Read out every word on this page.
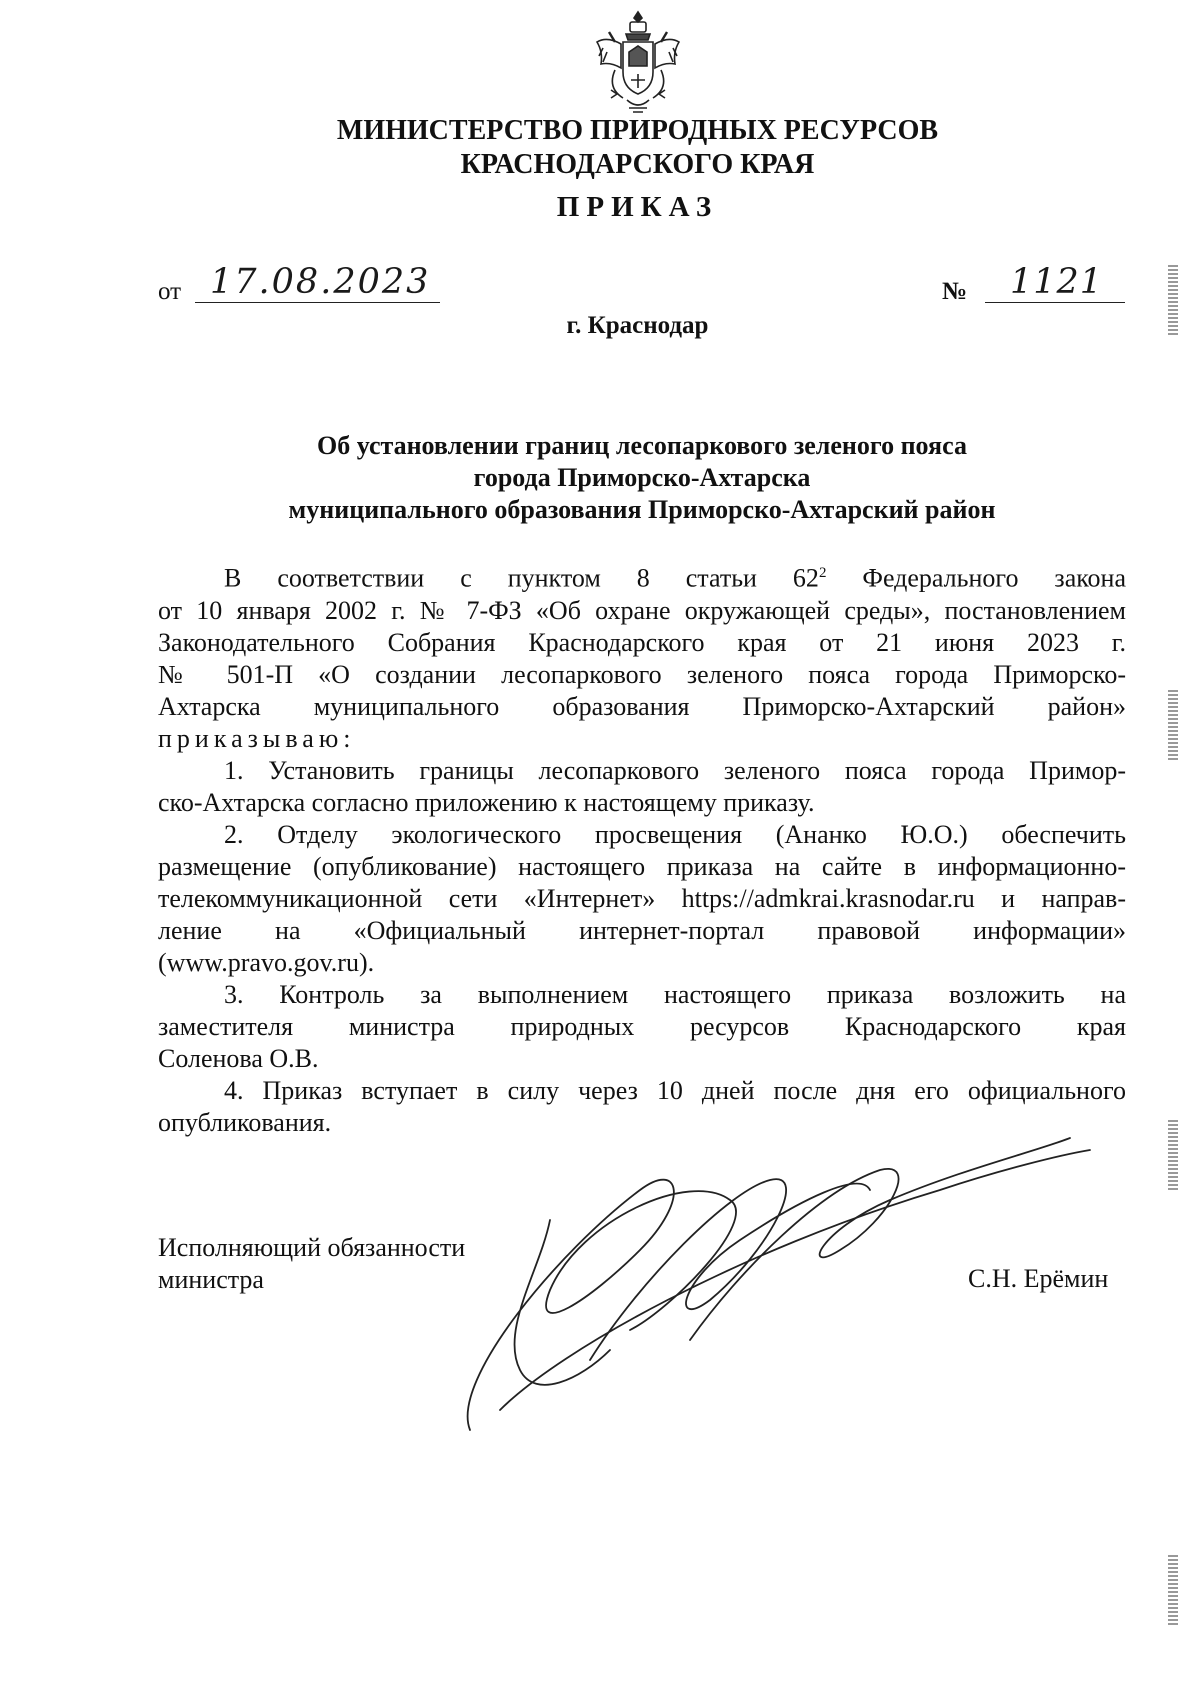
МИНИСТЕРСТВО ПРИРОДНЫХ РЕСУРСОВ
КРАСНОДАРСКОГО КРАЯ
ПРИКАЗ
от 17.08.2023	№ 1121
г. Краснодар
Об установлении границ лесопаркового зеленого пояса
города Приморско-Ахтарска
муниципального образования Приморско-Ахтарский район
В соответствии с пунктом 8 статьи $62^2$ Федерального закона
от 10 января 2002 г. № 7-ФЗ «Об охране окружающей среды», постановлением
Законодательного Собрания Краснодарского края от 21 июня 2023 г.
№ 501-П «О создании лесопаркового зеленого пояса города Приморско-
Ахтарска муниципального образования Приморско-Ахтарский район»
приказываю:
1. Установить границы лесопаркового зеленого пояса города Примор-
ско-Ахтарска согласно приложению к настоящему приказу.
2. Отделу экологического просвещения (Ананко Ю.О.) обеспечить
размещение (опубликование) настоящего приказа на сайте в информационно-
телекоммуникационной сети «Интернет» https://admkrai.krasnodar.ru и направ-
ление на «Официальный интернет-портал правовой информации»
(www.pravo.gov.ru).
3. Контроль за выполнением настоящего приказа возложить на
заместителя министра природных ресурсов Краснодарского края
Соленова О.В.
4. Приказ вступает в силу через 10 дней после дня его официального
опубликования.
Исполняющий обязанности
министра	С.Н. Ерёмин
